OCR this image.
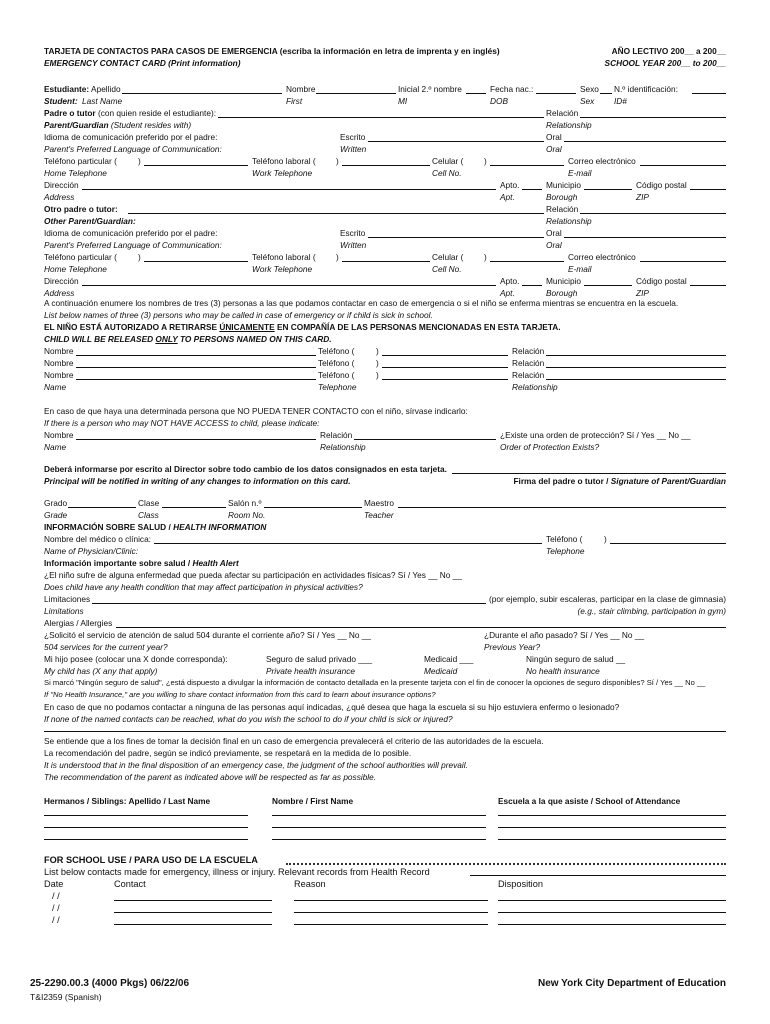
TARJETA DE CONTACTOS PARA CASOS DE EMERGENCIA (escriba la información en letra de imprenta y en inglés)
EMERGENCY CONTACT CARD (Print information)
AÑO LECTIVO 200__ a 200__
SCHOOL YEAR 200__ to 200__
Estudiante: Apellido	Nombre	Inicial 2.º nombre	Fecha nac.:	Sexo N.º identificación:
Student: Last Name	First	MI	DOB	Sex ID#
Padre o tutor (con quien reside el estudiante):	Relación
Parent/Guardian (Student resides with)	Relationship
Idioma de comunicación preferido por el padre:	Escrito	Oral
Parent's Preferred Language of Communication:	Written	Oral
Teléfono particular (	)	Teléfono laboral ( )	Celular ( )	Correo electrónico
Home Telephone	Work Telephone	Cell No.	E-mail
Dirección	Apto.	Municipio	Código postal
Address	Apt.	Borough	ZIP
Otro padre o tutor:	Relación
Other Parent/Guardian:	Relationship
Idioma de comunicación preferido por el padre:	Escrito	Oral
Parent's Preferred Language of Communication:	Written	Oral
Teléfono particular (	)	Teléfono laboral ( )	Celular ( )	Correo electrónico
Home Telephone	Work Telephone	Cell No.	E-mail
Dirección	Apto.	Municipio	Código postal
Address	Apt.	Borough	ZIP
A continuación enumere los nombres de tres (3) personas a las que podamos contactar en caso de emergencia o si el niño se enferma mientras se encuentra en la escuela.
List below names of three (3) persons who may be called in case of emergency or if child is sick in school.
EL NIÑO ESTÁ AUTORIZADO A RETIRARSE ÚNICAMENTE EN COMPAÑÍA DE LAS PERSONAS MENCIONADAS EN ESTA TARJETA.
CHILD WILL BE RELEASED ONLY TO PERSONS NAMED ON THIS CARD.
Nombre	Teléfono (	)	Relación
Nombre	Teléfono (	)	Relación
Nombre	Teléfono (	)	Relación
Name	Telephone	Relationship
En caso de que haya una determinada persona que NO PUEDA TENER CONTACTO con el niño, sírvase indicarlo:
If there is a person who may NOT HAVE ACCESS to child, please indicate:
Nombre	Relación	¿Existe una orden de protección? Sí / Yes __ No __
Name	Relationship	Order of Protection Exists?
Deberá informarse por escrito al Director sobre todo cambio de los datos consignados en esta tarjeta.
Principal will be notified in writing of any changes to information on this card.	Firma del padre o tutor / Signature of Parent/Guardian
Grado	Clase	Salón n.º	Maestro
Grade	Class	Room No.	Teacher
INFORMACIÓN SOBRE SALUD / HEALTH INFORMATION
Nombre del médico o clínica:	Teléfono (	)
Name of Physician/Clinic:	Telephone
Información importante sobre salud / Health Alert
¿El niño sufre de alguna enfermedad que pueda afectar su participación en actividades físicas? Sí / Yes __ No __
Does child have any health condition that may affect participation in physical activities?
Limitaciones	(por ejemplo, subir escaleras, participar en la clase de gimnasia)
Limitations	(e.g., stair climbing, participation in gym)
Alergias / Allergies
¿Solicitó el servicio de atención de salud 504 durante el corriente año? Sí / Yes __ No __	¿Durante el año pasado? Sí / Yes __ No __
504 services for the current year?	Previous Year?
Mi hijo posee (colocar una X donde corresponda):	Seguro de salud privado ___	Medicaid ___	Ningún seguro de salud __
My child has (X any that apply)	Private health insurance	Medicaid	No health insurance
Si marcó "Ningún seguro de salud", ¿está dispuesto a divulgar la información de contacto detallada en la presente tarjeta con el fin de conocer la opciones de seguro disponibles? Sí / Yes __ No __
If "No Health Insurance," are you willing to share contact information from this card to learn about insurance options?
En caso de que no podamos contactar a ninguna de las personas aquí indicadas, ¿qué desea que haga la escuela si su hijo estuviera enfermo o lesionado?
If none of the named contacts can be reached, what do you wish the school to do if your child is sick or injured?
Se entiende que a los fines de tomar la decisión final en un caso de emergencia prevalecerá el criterio de las autoridades de la escuela.
La recomendación del padre, según se indicó previamente, se respetará en la medida de lo posible.
It is understood that in the final disposition of an emergency case, the judgment of the school authorities will prevail.
The recommendation of the parent as indicated above will be respected as far as possible.
Hermanos / Siblings: Apellido / Last Name	Nombre / First Name	Escuela a la que asiste / School of Attendance
FOR SCHOOL USE / PARA USO DE LA ESCUELA
List below contacts made for emergency, illness or injury. Relevant records from Health Record
Date	Contact	Reason	Disposition
/ /
/ /
/ /
25-2290.00.3 (4000 Pkgs) 06/22/06
T&I2359 (Spanish)
New York City Department of Education
